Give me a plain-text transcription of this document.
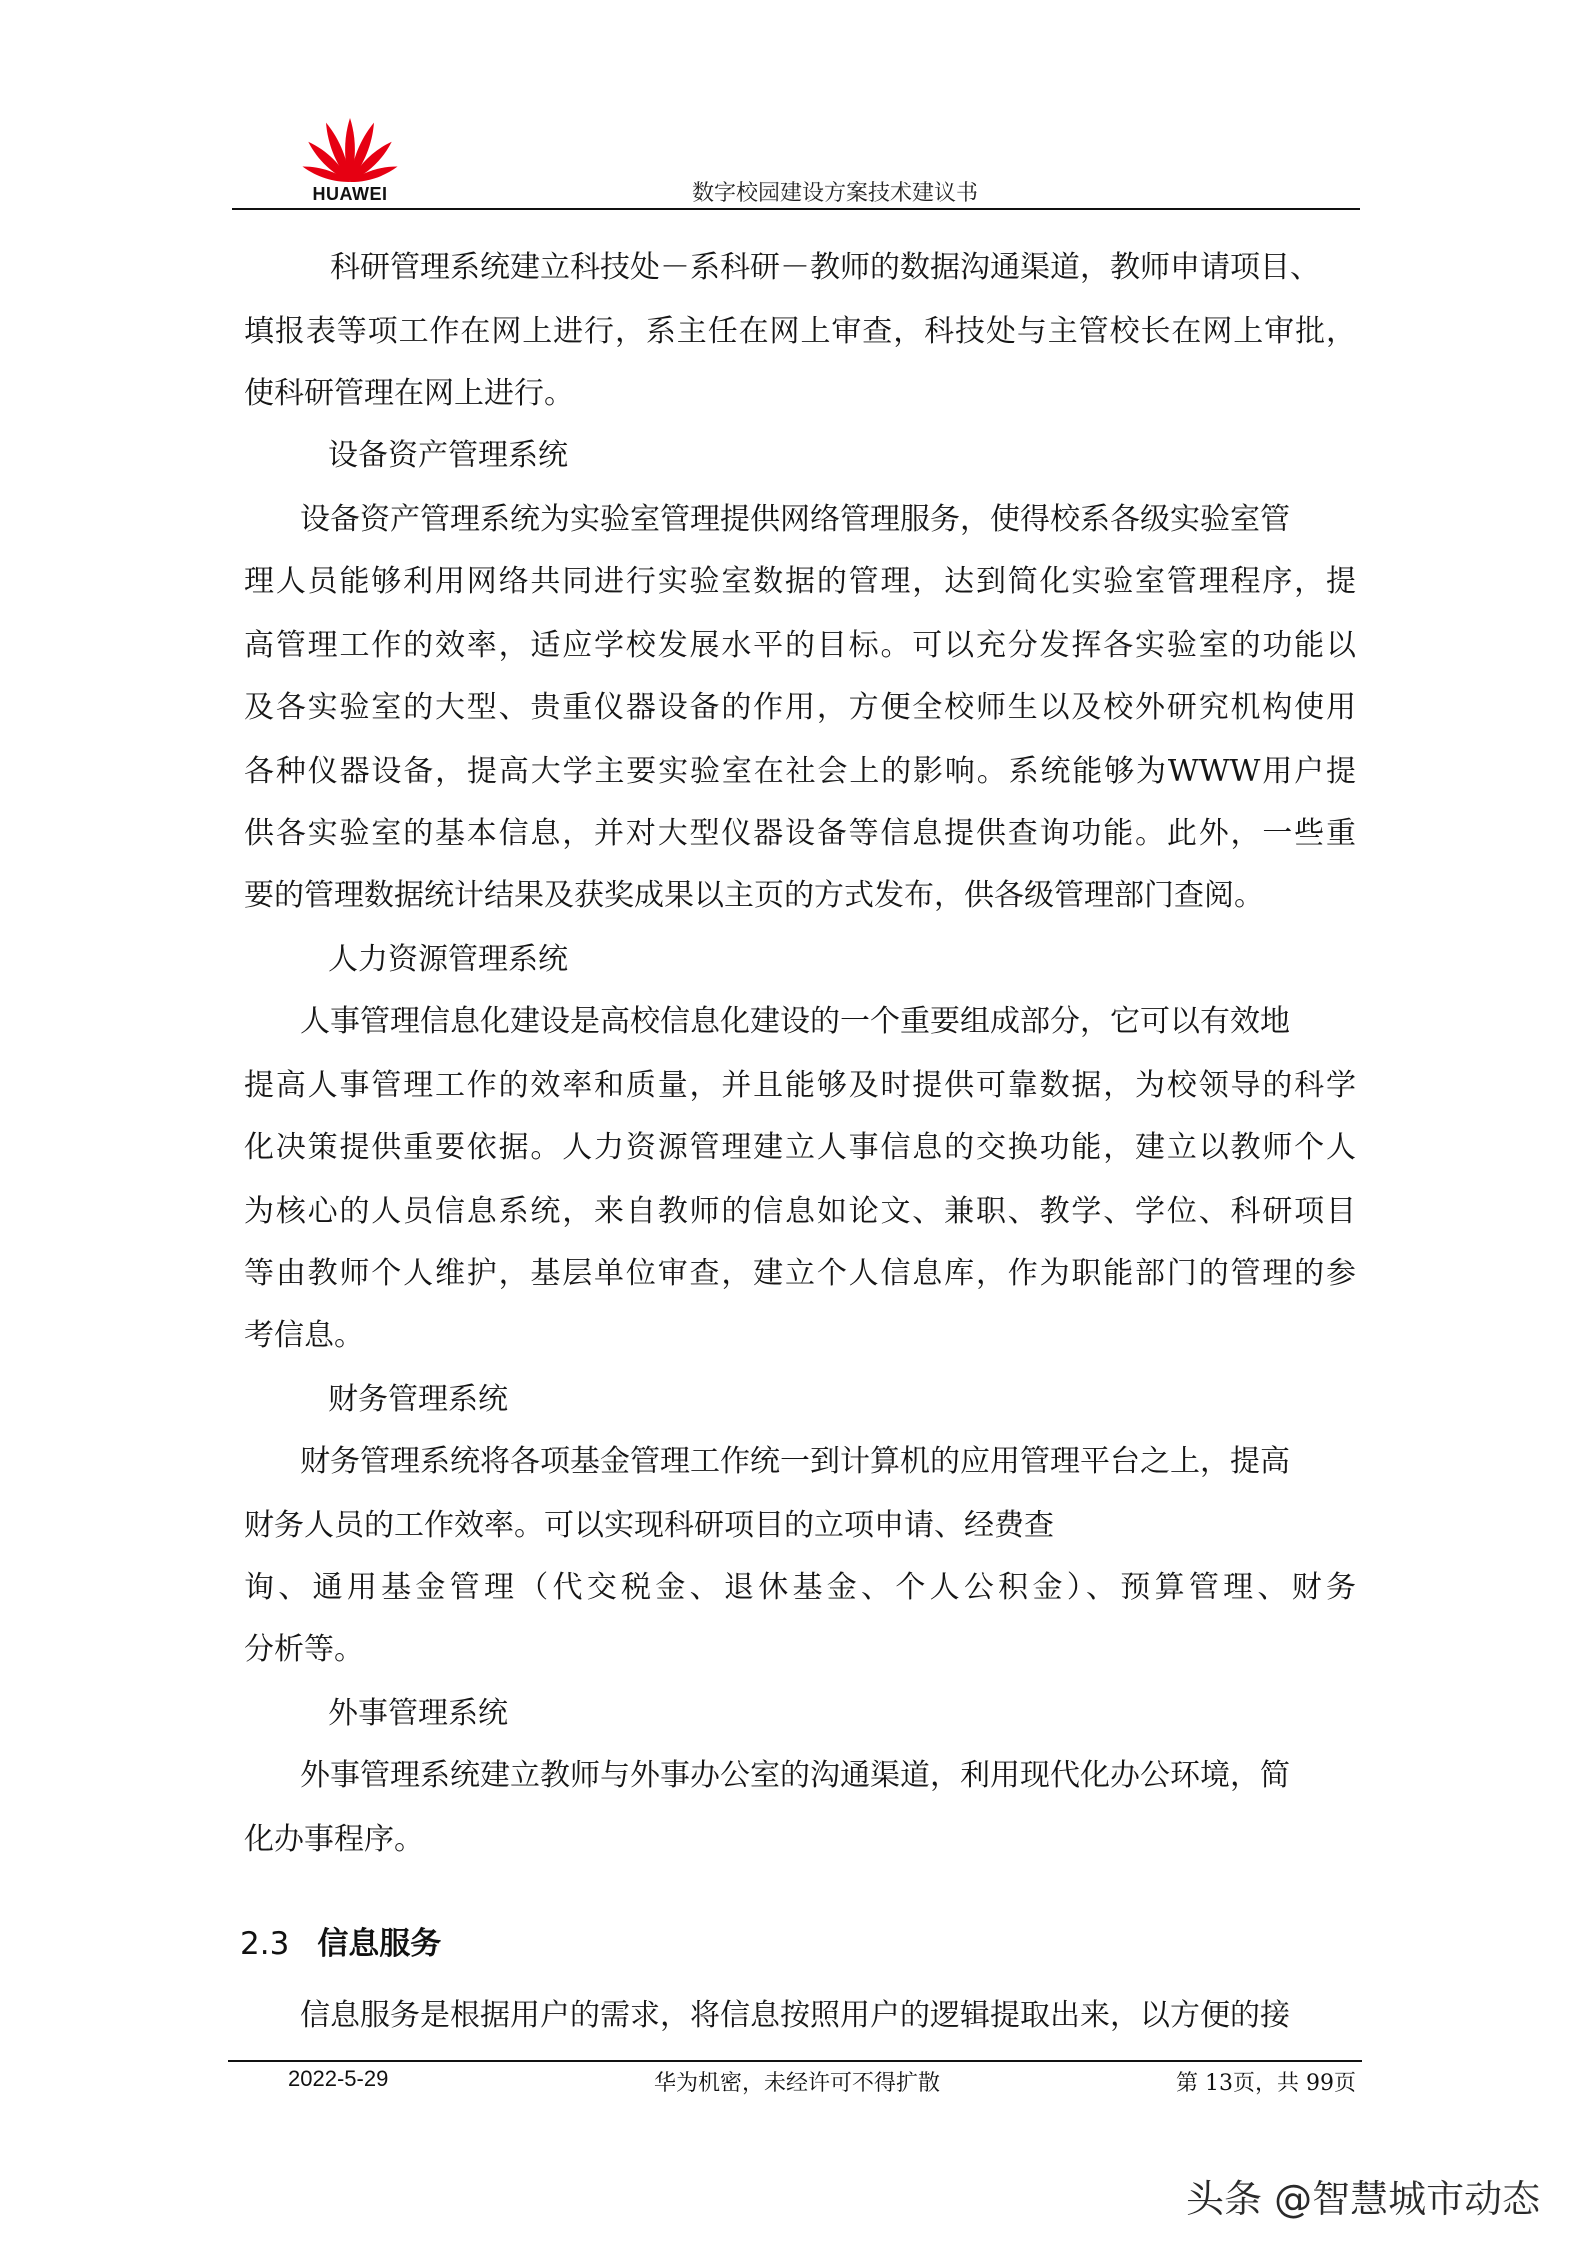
HUAWEI	数字校园建设方案技术建议书
科研管理系统建立科技处－系科研－教师的数据沟通渠道，教师申请项目、
填报表等项工作在网上进行，系主任在网上审查，科技处与主管校长在网上审批，
使科研管理在网上进行。
设备资产管理系统
设备资产管理系统为实验室管理提供网络管理服务，使得校系各级实验室管
理人员能够利用网络共同进行实验室数据的管理，达到简化实验室管理程序，提
高管理工作的效率，适应学校发展水平的目标。可以充分发挥各实验室的功能以
及各实验室的大型、贵重仪器设备的作用，方便全校师生以及校外研究机构使用
各种仪器设备，提高大学主要实验室在社会上的影响。系统能够为WWW用户提
供各实验室的基本信息，并对大型仪器设备等信息提供查询功能。此外，一些重
要的管理数据统计结果及获奖成果以主页的方式发布，供各级管理部门查阅。
人力资源管理系统
人事管理信息化建设是高校信息化建设的一个重要组成部分，它可以有效地
提高人事管理工作的效率和质量，并且能够及时提供可靠数据，为校领导的科学
化决策提供重要依据。人力资源管理建立人事信息的交换功能，建立以教师个人
为核心的人员信息系统，来自教师的信息如论文、兼职、教学、学位、科研项目
等由教师个人维护，基层单位审查，建立个人信息库，作为职能部门的管理的参
考信息。
财务管理系统
财务管理系统将各项基金管理工作统一到计算机的应用管理平台之上，提高
财务人员的工作效率。可以实现科研项目的立项申请、经费查
询、通用基金管理（代交税金、退休基金、个人公积金）、预算管理、财务
分析等。
外事管理系统
外事管理系统建立教师与外事办公室的沟通渠道，利用现代化办公环境，简
化办事程序。
2.3 信息服务
信息服务是根据用户的需求，将信息按照用户的逻辑提取出来，以方便的接
2022-5-29	华为机密，未经许可不得扩散	第 13页，共 99页
头条 @智慧城市动态
